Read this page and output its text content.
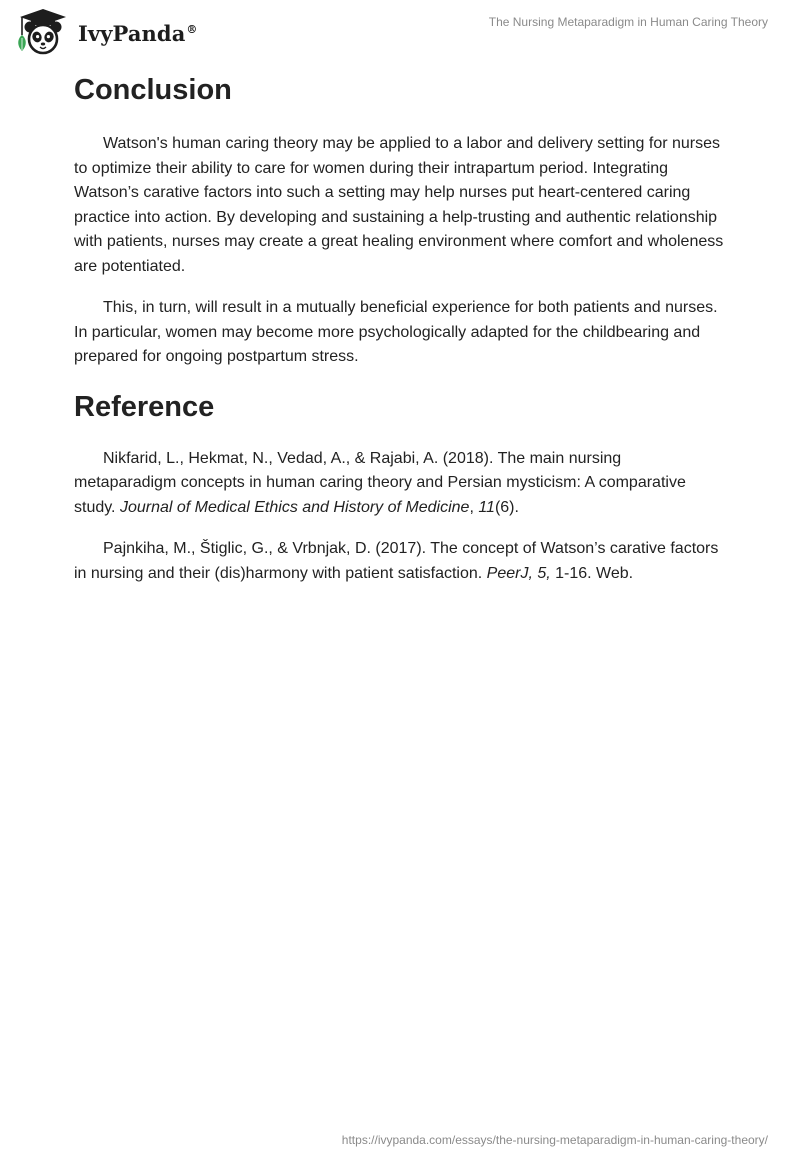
IvyPanda®	The Nursing Metaparadigm in Human Caring Theory
Conclusion

Watson's human caring theory may be applied to a labor and delivery setting for nurses to optimize their ability to care for women during their intrapartum period. Integrating Watson’s carative factors into such a setting may help nurses put heart-centered caring practice into action. By developing and sustaining a help-trusting and authentic relationship with patients, nurses may create a great healing environment where comfort and wholeness are potentiated.

This, in turn, will result in a mutually beneficial experience for both patients and nurses. In particular, women may become more psychologically adapted for the childbearing and prepared for ongoing postpartum stress.

Reference

Nikfarid, L., Hekmat, N., Vedad, A., & Rajabi, A. (2018). The main nursing metaparadigm concepts in human caring theory and Persian mysticism: A comparative study. Journal of Medical Ethics and History of Medicine, 11(6).

Pajnkiha, M., Štiglic, G., & Vrbnjak, D. (2017). The concept of Watson’s carative factors in nursing and their (dis)harmony with patient satisfaction. PeerJ, 5, 1-16. Web.

https://ivypanda.com/essays/the-nursing-metaparadigm-in-human-caring-theory/
